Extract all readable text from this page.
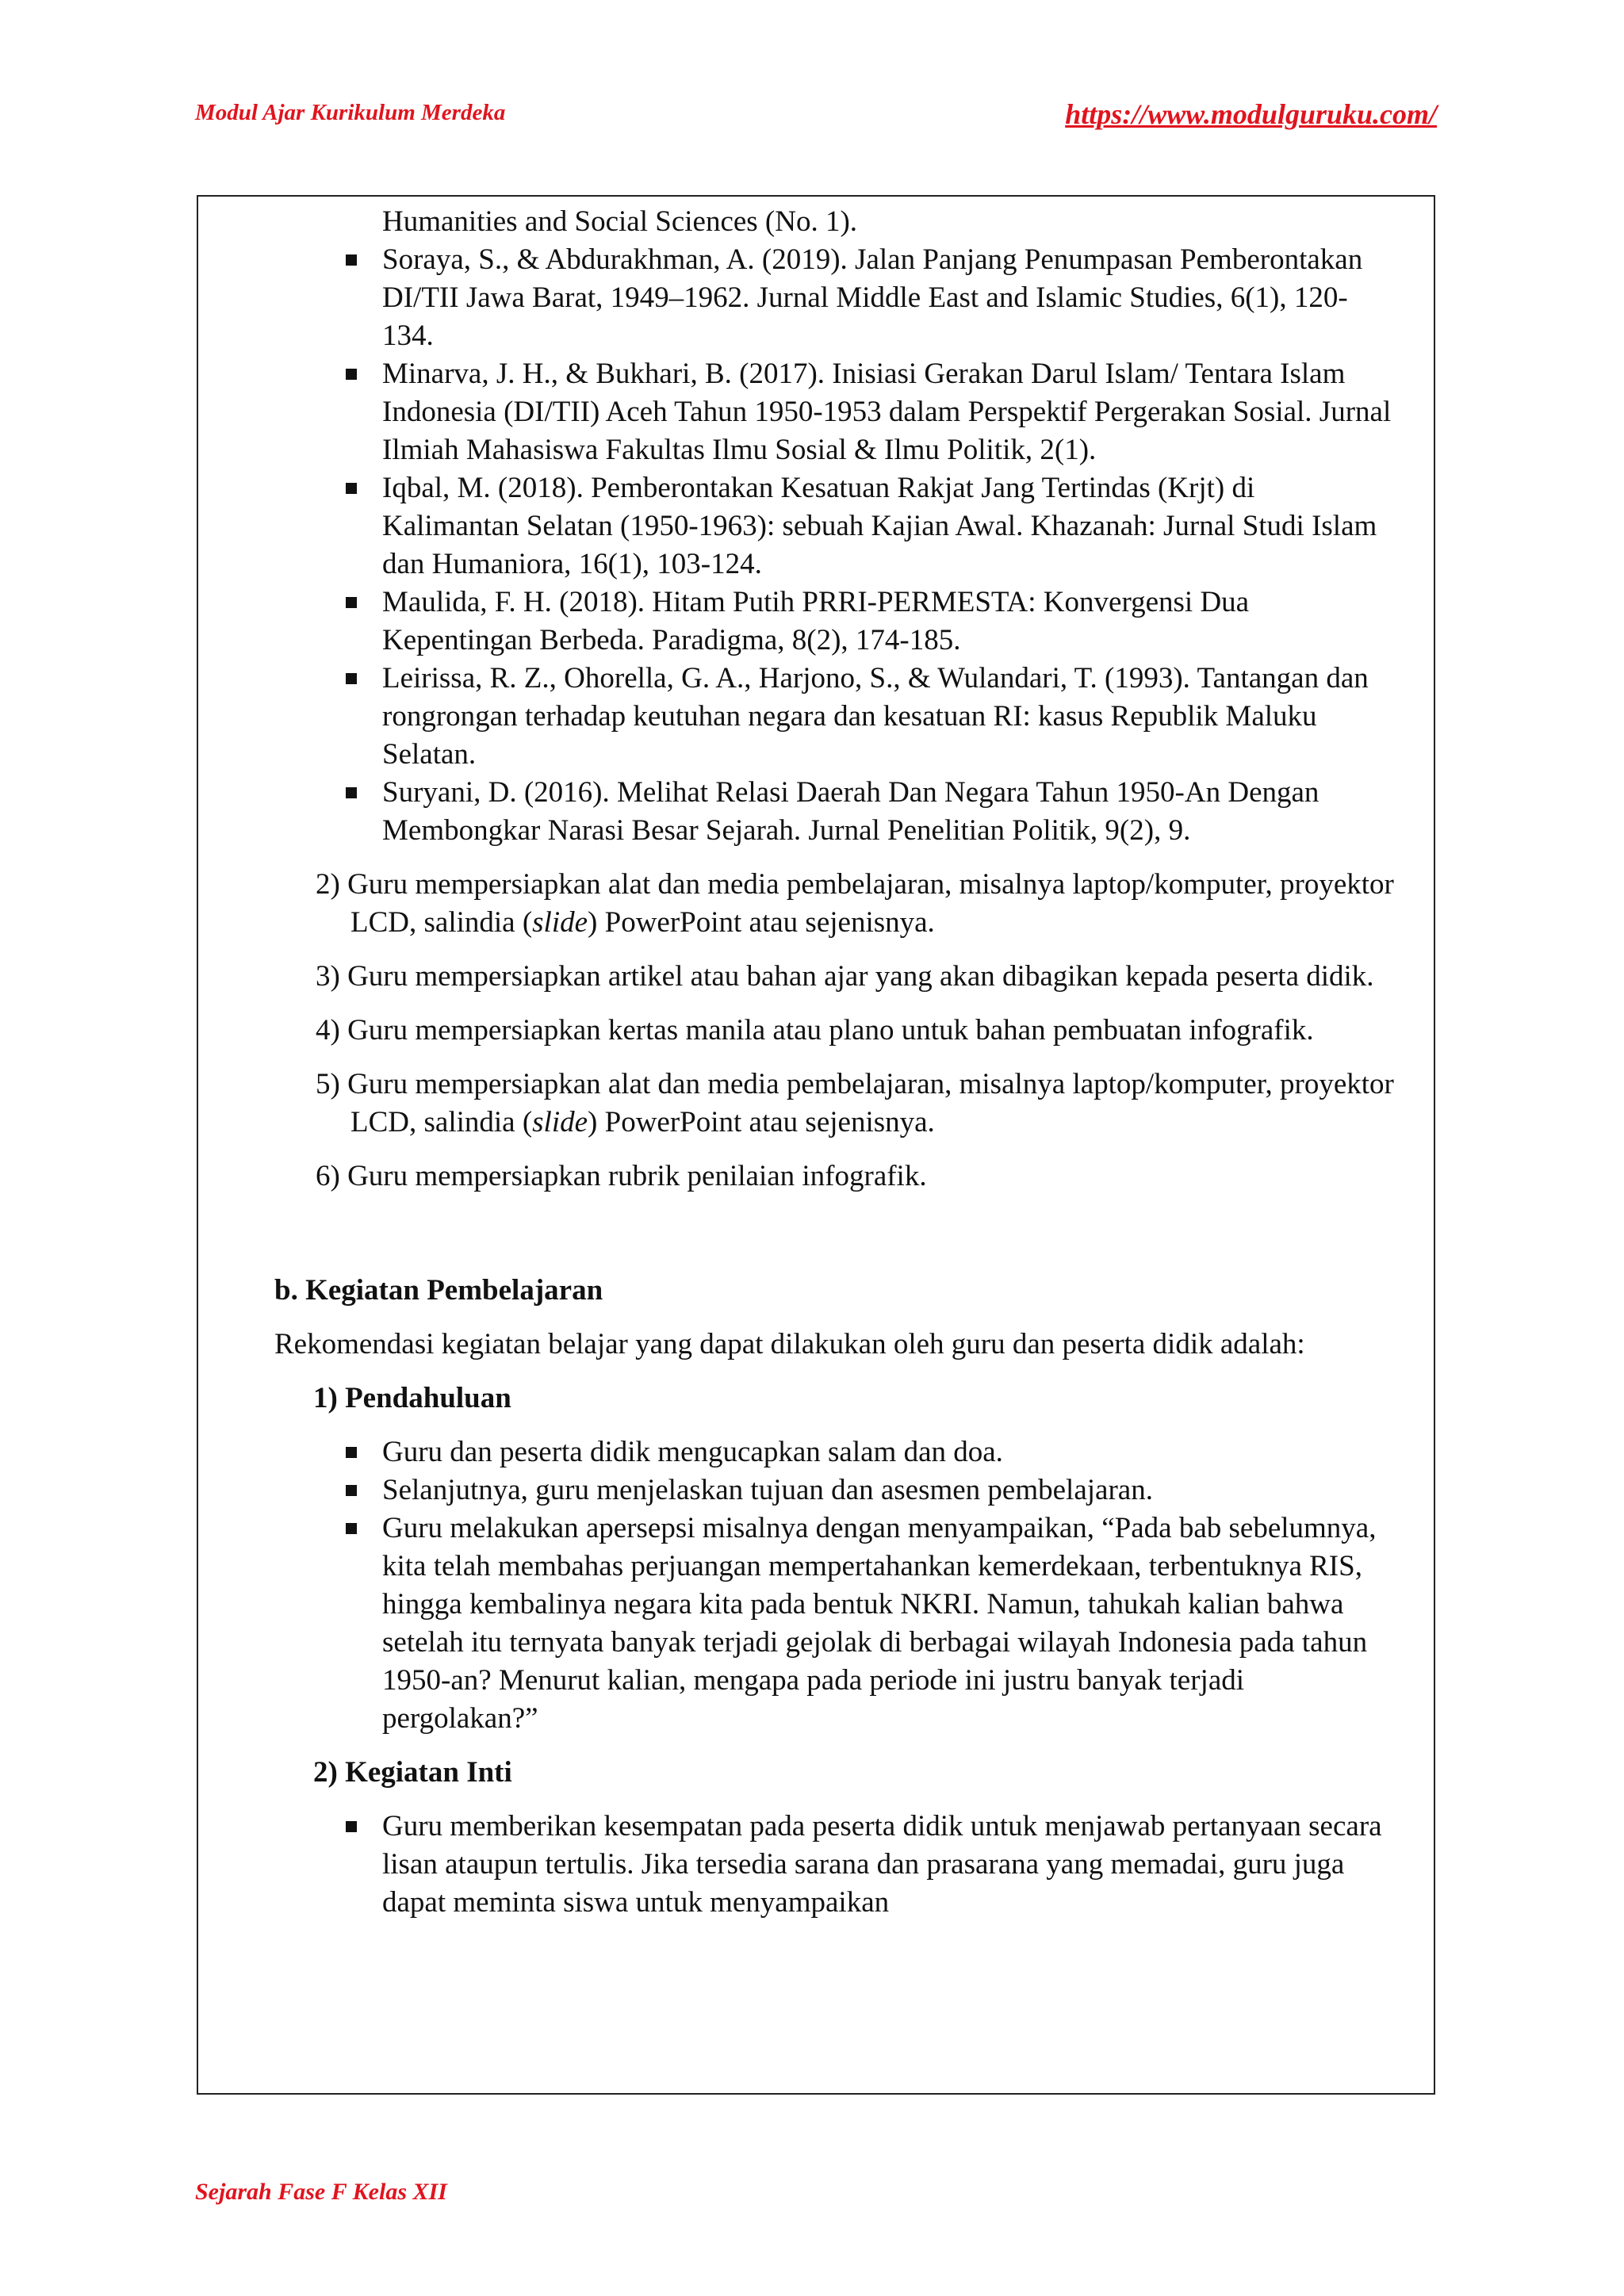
Modul Ajar Kurikulum Merdeka	https://www.modulguruku.com/
Humanities and Social Sciences (No. 1).
Soraya, S., & Abdurakhman, A. (2019). Jalan Panjang Penumpasan Pemberontakan DI/TII Jawa Barat, 1949–1962. Jurnal Middle East and Islamic Studies, 6(1), 120-134.
Minarva, J. H., & Bukhari, B. (2017). Inisiasi Gerakan Darul Islam/ Tentara Islam Indonesia (DI/TII) Aceh Tahun 1950-1953 dalam Perspektif Pergerakan Sosial. Jurnal Ilmiah Mahasiswa Fakultas Ilmu Sosial & Ilmu Politik, 2(1).
Iqbal, M. (2018). Pemberontakan Kesatuan Rakjat Jang Tertindas (Krjt) di Kalimantan Selatan (1950-1963): sebuah Kajian Awal. Khazanah: Jurnal Studi Islam dan Humaniora, 16(1), 103-124.
Maulida, F. H. (2018). Hitam Putih PRRI-PERMESTA: Konvergensi Dua Kepentingan Berbeda. Paradigma, 8(2), 174-185.
Leirissa, R. Z., Ohorella, G. A., Harjono, S., & Wulandari, T. (1993). Tantangan dan rongrongan terhadap keutuhan negara dan kesatuan RI: kasus Republik Maluku Selatan.
Suryani, D. (2016). Melihat Relasi Daerah Dan Negara Tahun 1950-An Dengan Membongkar Narasi Besar Sejarah. Jurnal Penelitian Politik, 9(2), 9.
2) Guru mempersiapkan alat dan media pembelajaran, misalnya laptop/komputer, proyektor LCD, salindia (slide) PowerPoint atau sejenisnya.
3) Guru mempersiapkan artikel atau bahan ajar yang akan dibagikan kepada peserta didik.
4) Guru mempersiapkan kertas manila atau plano untuk bahan pembuatan infografik.
5) Guru mempersiapkan alat dan media pembelajaran, misalnya laptop/komputer, proyektor LCD, salindia (slide) PowerPoint atau sejenisnya.
6) Guru mempersiapkan rubrik penilaian infografik.
b. Kegiatan Pembelajaran
Rekomendasi kegiatan belajar yang dapat dilakukan oleh guru dan peserta didik adalah:
1) Pendahuluan
Guru dan peserta didik mengucapkan salam dan doa.
Selanjutnya, guru menjelaskan tujuan dan asesmen pembelajaran.
Guru melakukan apersepsi misalnya dengan menyampaikan, “Pada bab sebelumnya, kita telah membahas perjuangan mempertahankan kemerdekaan, terbentuknya RIS, hingga kembalinya negara kita pada bentuk NKRI. Namun, tahukah kalian bahwa setelah itu ternyata banyak terjadi gejolak di berbagai wilayah Indonesia pada tahun 1950-an? Menurut kalian, mengapa pada periode ini justru banyak terjadi pergolakan?”
2) Kegiatan Inti
Guru memberikan kesempatan pada peserta didik untuk menjawab pertanyaan secara lisan ataupun tertulis. Jika tersedia sarana dan prasarana yang memadai, guru juga dapat meminta siswa untuk menyampaikan
Sejarah Fase F Kelas XII
